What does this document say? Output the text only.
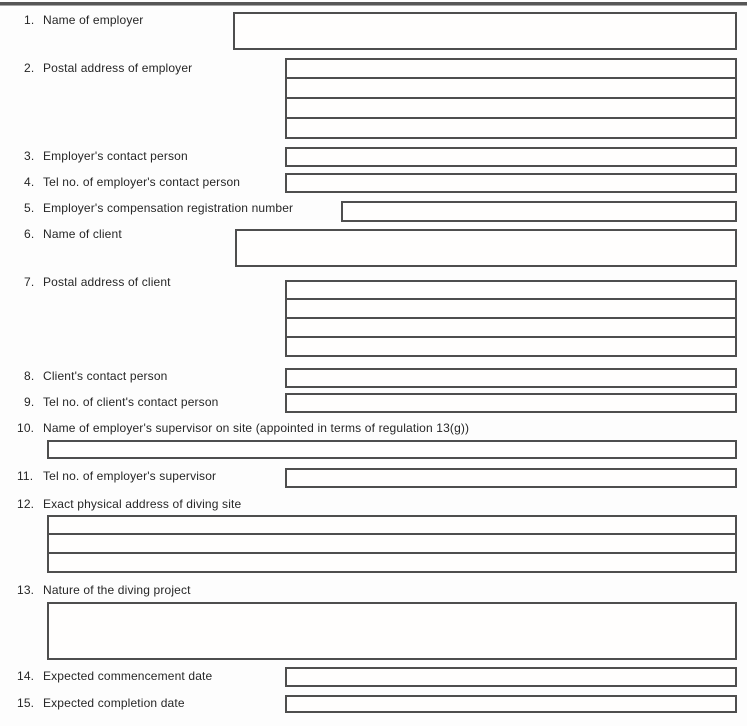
1. Name of employer
2. Postal address of employer
3. Employer's contact person
4. Tel no. of employer's contact person
5. Employer's compensation registration number
6. Name of client
7. Postal address of client
8. Client's contact person
9. Tel no. of client's contact person
10. Name of employer's supervisor on site (appointed in terms of regulation 13(g))
11. Tel no. of employer's supervisor
12. Exact physical address of diving site
13. Nature of the diving project
14. Expected commencement date
15. Expected completion date
